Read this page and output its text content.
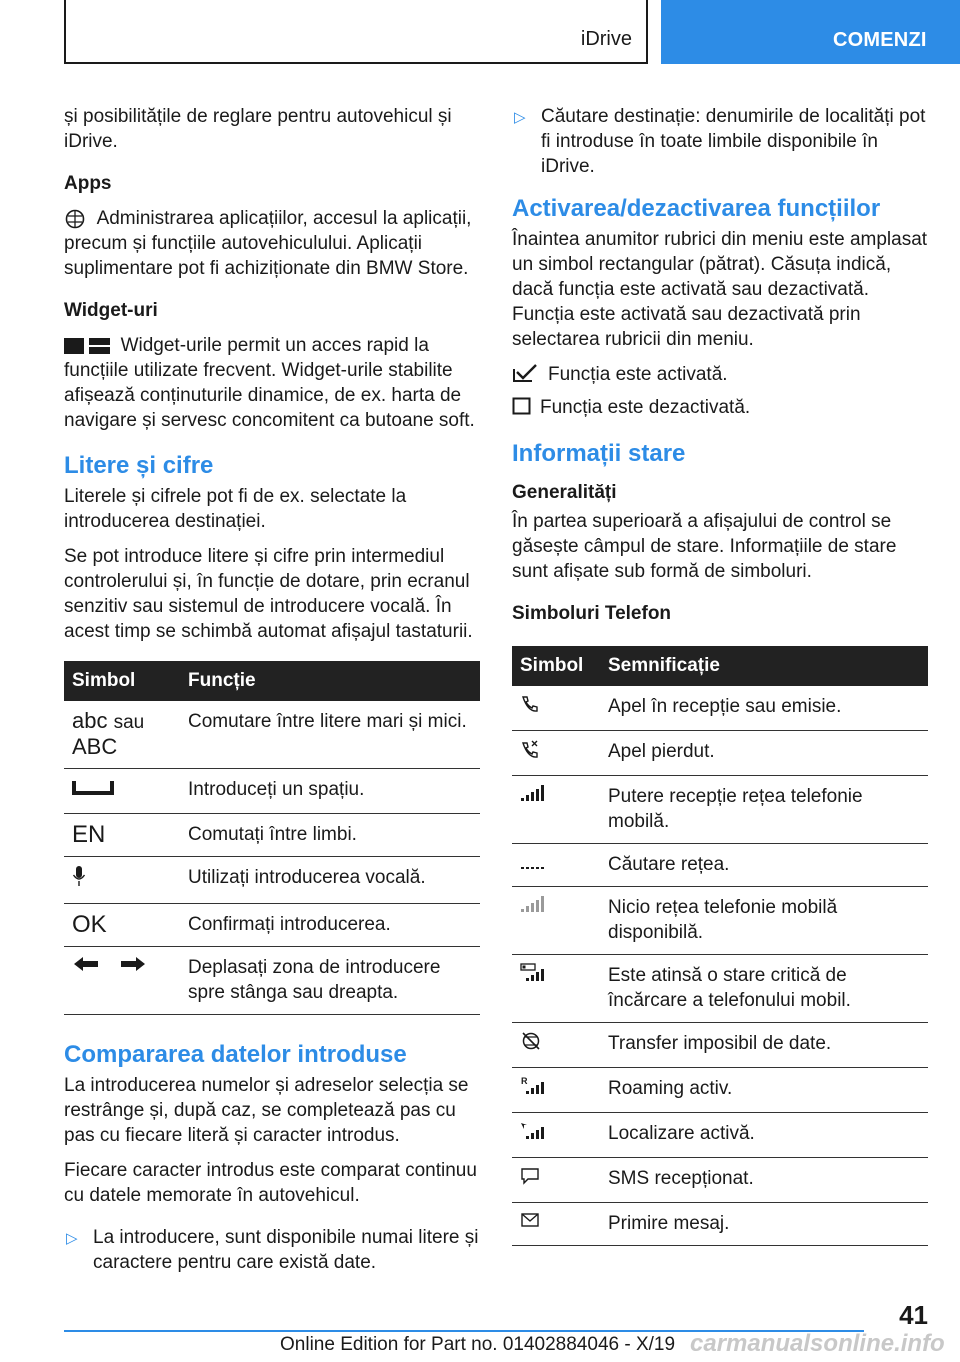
iDrive	COMENZI

și posibilitățile de reglare pentru autovehicul și iDrive.

Apps

Administrarea aplicațiilor, accesul la aplicații, precum și funcțiile autovehiculului. Aplicații suplimentare pot fi achiziționate din BMW Store.

Widget-uri

Widget-urile permit un acces rapid la funcțiile utilizate frecvent. Widget-urile stabilite afișează conținuturile dinamice, de ex. harta de navigare și servesc concomitent ca butoane soft.

Litere și cifre

Literele și cifrele pot fi de ex. selectate la introducerea destinației.

Se pot introduce litere și cifre prin intermediul controlerului și, în funcție de dotare, prin ecranul senzitiv sau sistemul de introducere vocală. În acest timp se schimbă automat afișajul tastaturii.

Simbol	Funcție

abc sau
ABC	Comutare între litere mari și mici.
	Introduceți un spațiu.
EN	Comutați între limbi.
	Utilizați introducerea vocală.
OK	Confirmați introducerea.
	Deplasați zona de introducere spre stânga sau dreapta.
Compararea datelor introduse

La introducerea numelor și adreselor selecția se restrânge și, după caz, se completează pas cu pas cu fiecare literă și caracter introdus.

Fiecare caracter introdus este comparat continuu cu datele memorate în autovehicul.

▷ La introducere, sunt disponibile numai litere și caractere pentru care există date.
▷ Căutare destinație: denumirile de localități pot fi introduse în toate limbile disponibile în iDrive.
Activarea/dezactivarea funcțiilor

Înaintea anumitor rubrici din meniu este amplasat un simbol rectangular (pătrat). Căsuța indică, dacă funcția este activată sau dezactivată. Funcția este activată sau dezactivată prin selectarea rubricii din meniu.

Funcția este activată.
Funcția este dezactivată.
Informații stare
Generalități

În partea superioară a afișajului de control se găsește câmpul de stare. Informațiile de stare sunt afișate sub formă de simboluri.

Simboluri Telefon
Simbol	Semnificație
	Apel în recepție sau emisie.
	Apel pierdut.
	Putere recepție rețea telefonie mobilă.
	Căutare rețea.
	Nicio rețea telefonie mobilă disponibilă.
	Este atinsă o stare critică de încărcare a telefonului mobil.
	Transfer imposibil de date.

R	Roaming activ.
	Localizare activă.
	SMS recepționat.
	Primire mesaj.
41
carmanualsonline.info
Online Edition for Part no. 01402884046 - X/19
